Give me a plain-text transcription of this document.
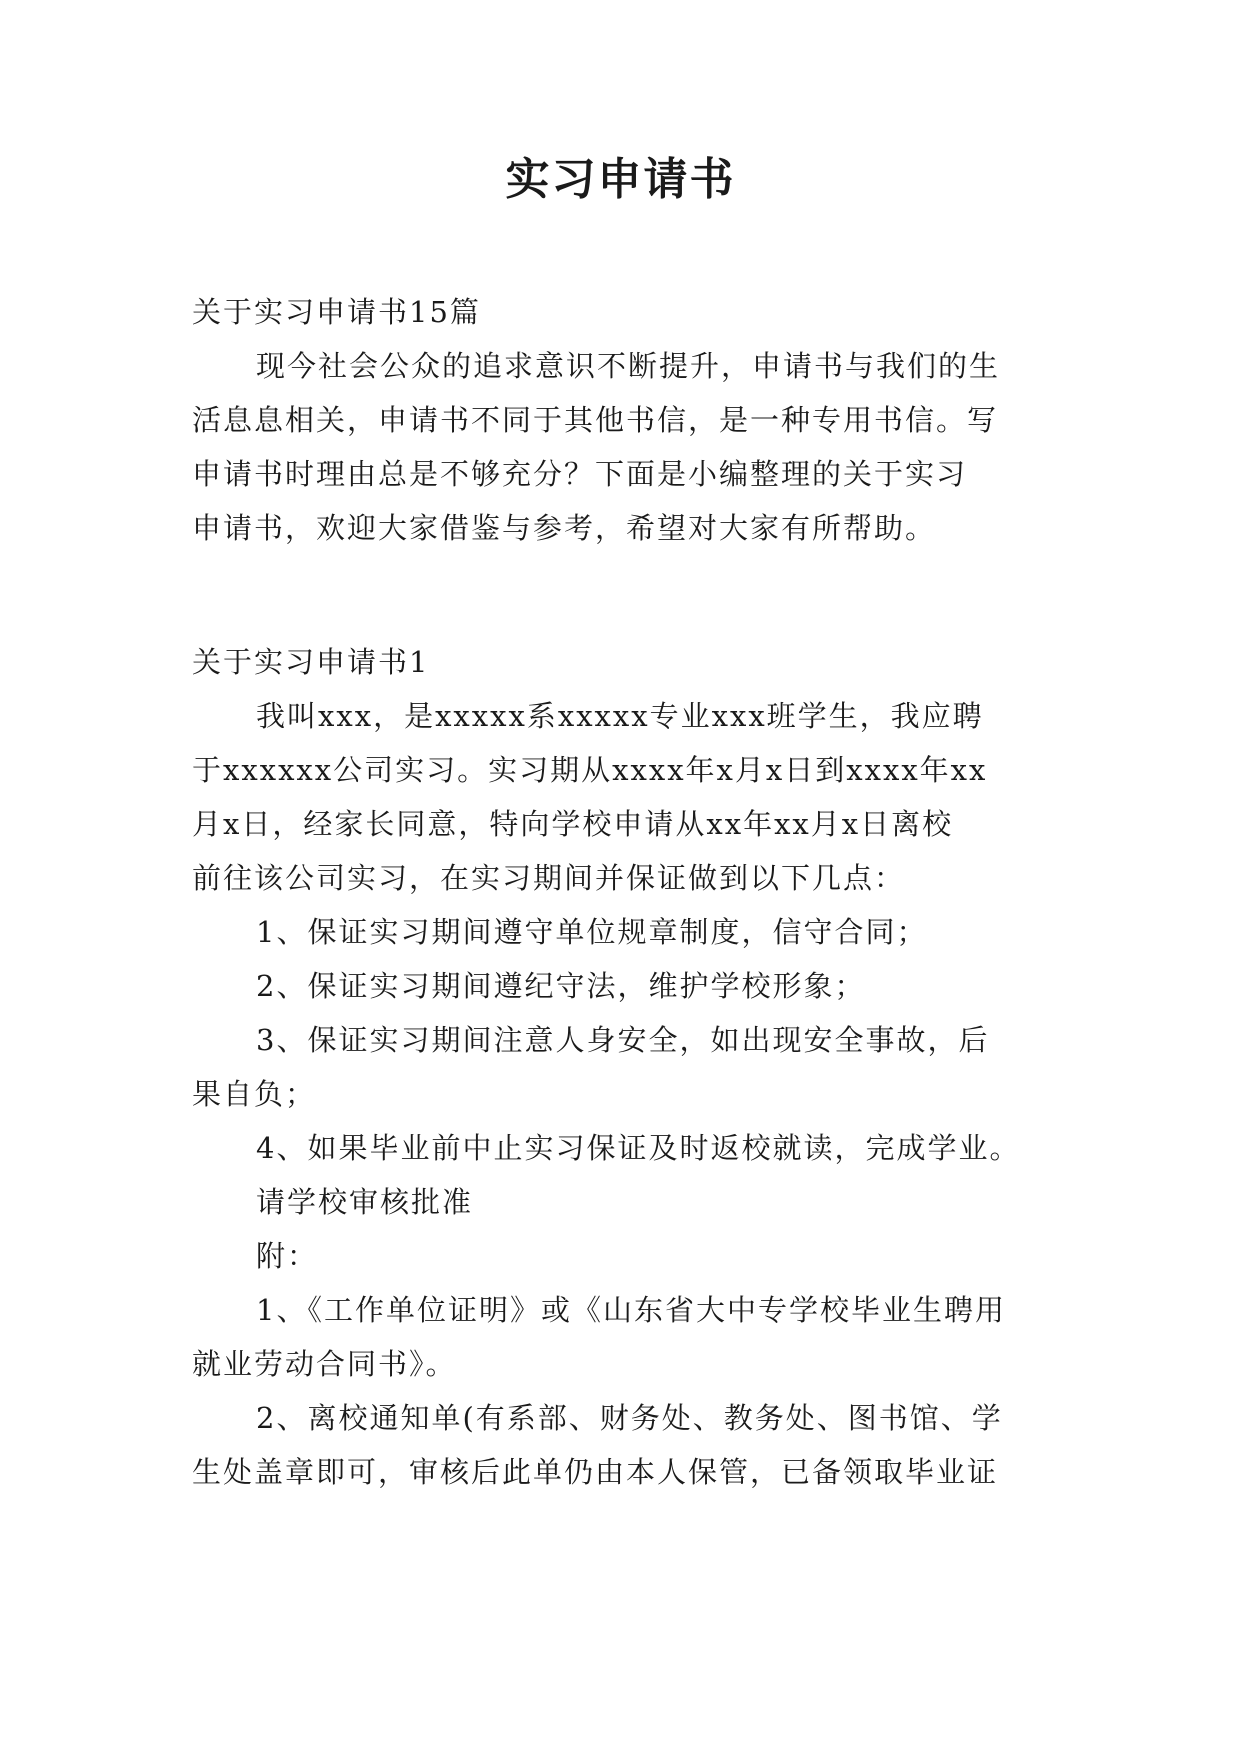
实习申请书
关于实习申请书15篇
现今社会公众的追求意识不断提升，申请书与我们的生
活息息相关，申请书不同于其他书信，是一种专用书信。写
申请书时理由总是不够充分？下面是小编整理的关于实习
申请书，欢迎大家借鉴与参考，希望对大家有所帮助。
关于实习申请书1
我叫xxx，是xxxxx系xxxxx专业xxx班学生，我应聘
于xxxxxx公司实习。实习期从xxxx年x月x日到xxxx年xx
月x日，经家长同意，特向学校申请从xx年xx月x日离校
前往该公司实习，在实习期间并保证做到以下几点：
1、保证实习期间遵守单位规章制度，信守合同；
2、保证实习期间遵纪守法，维护学校形象；
3、保证实习期间注意人身安全，如出现安全事故，后
果自负；
4、如果毕业前中止实习保证及时返校就读，完成学业。
请学校审核批准
附：
1、《工作单位证明》或《山东省大中专学校毕业生聘用
就业劳动合同书》。
2、离校通知单(有系部、财务处、教务处、图书馆、学
生处盖章即可，审核后此单仍由本人保管，已备领取毕业证
